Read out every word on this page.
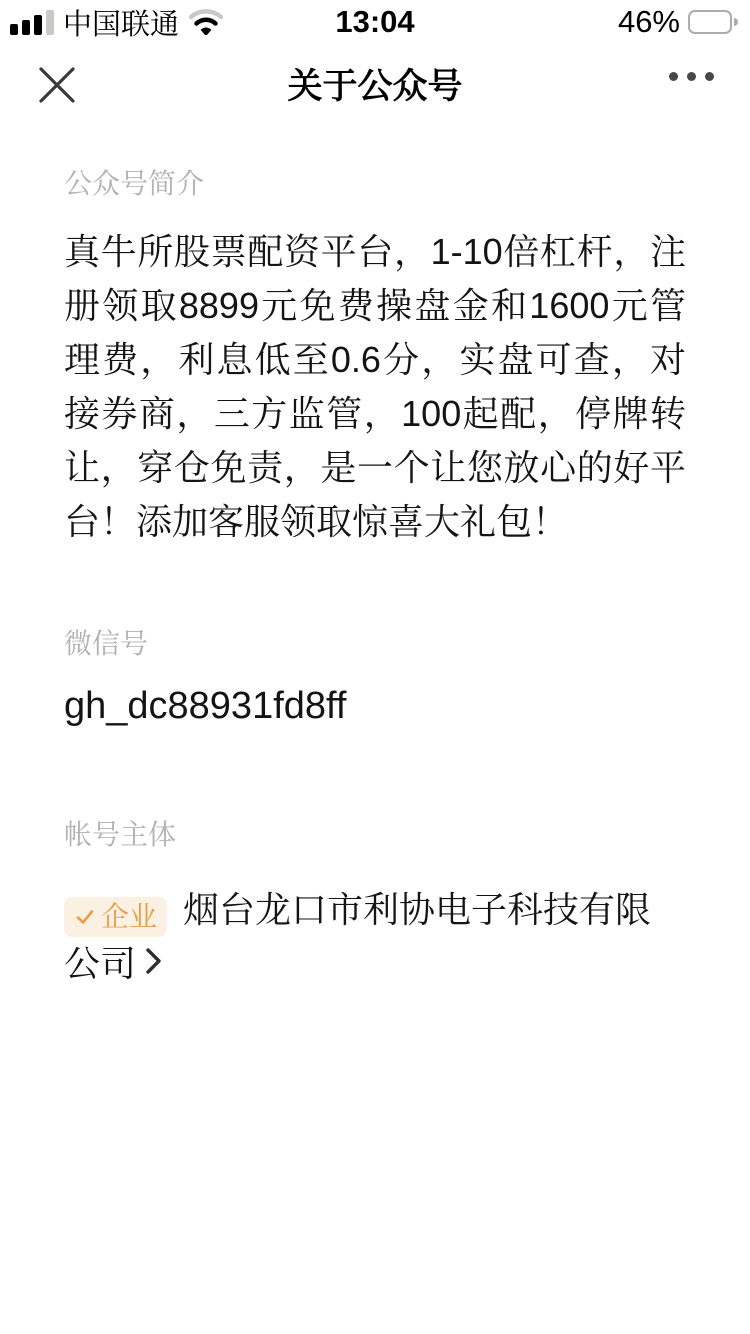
中国联通	13:04	46%
关于公众号
公众号简介

真牛所股票配资平台，1-10倍杠杆，注册领取8899元免费操盘金和1600元管理费，利息低至0.6分，实盘可查，对接券商，三方监管，100起配，停牌转让，穿仓免责，是一个让您放心的好平台！添加客服领取惊喜大礼包！

微信号

gh_dc88931fd8ff

帐号主体

企业 烟台龙口市利协电子科技有限公司
